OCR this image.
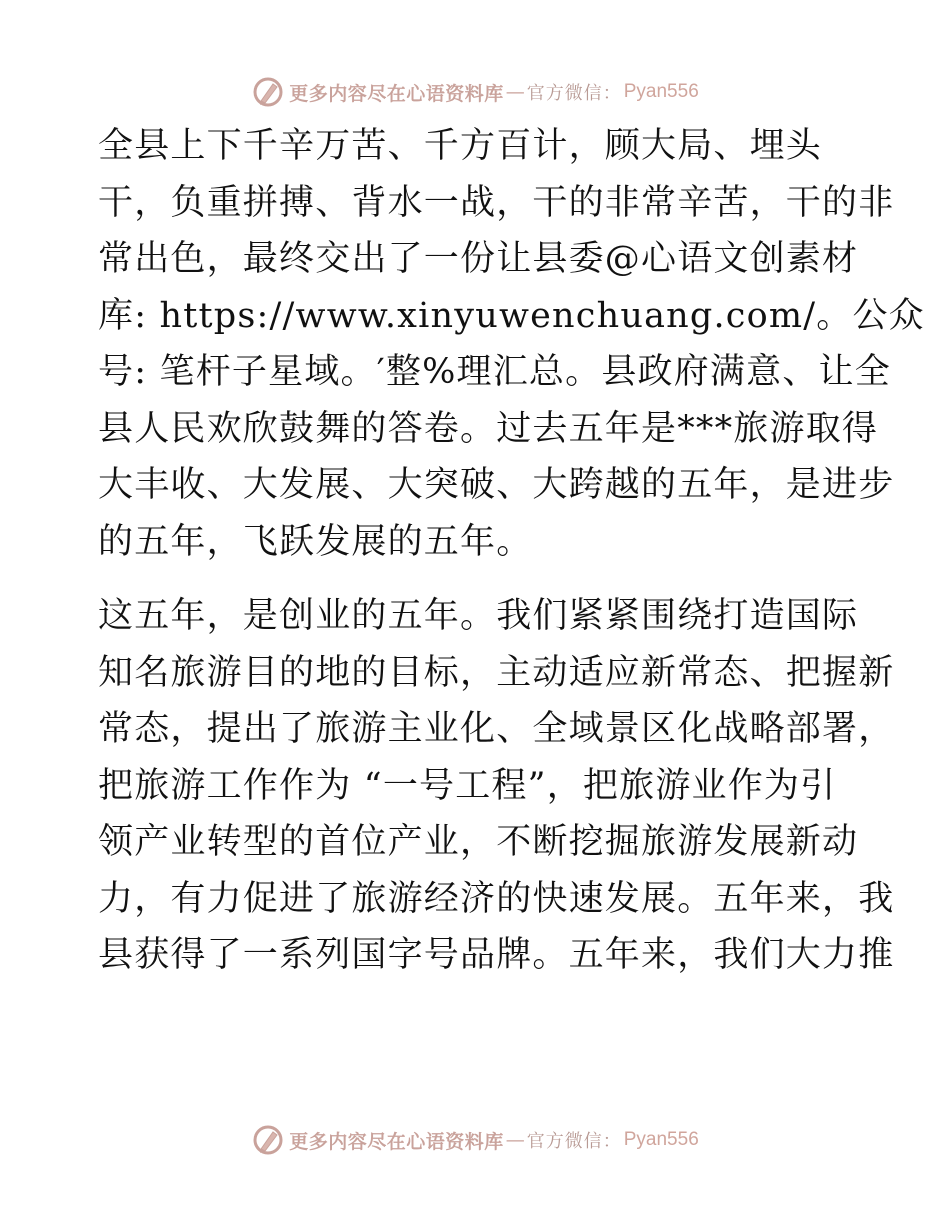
更多内容尽在心语资料库 — 官方微信： Pyan556

全县上下千辛万苦、千方百计，顾大局、埋头
干，负重拼搏、背水一战，干的非常辛苦，干的非
常出色，最终交出了一份让县委@心语文创素材
库: https://www.xinyuwenchuang.com/。公众
号: 笔杆子星域。′整%理汇总。县政府满意、让全
县人民欢欣鼓舞的答卷。过去五年是***旅游取得
大丰收、大发展、大突破、大跨越的五年，是进步
的五年，飞跃发展的五年。

这五年，是创业的五年。我们紧紧围绕打造国际
知名旅游目的地的目标，主动适应新常态、把握新
常态，提出了旅游主业化、全域景区化战略部署，
把旅游工作作为 “一号工程”，把旅游业作为引
领产业转型的首位产业，不断挖掘旅游发展新动
力，有力促进了旅游经济的快速发展。五年来，我
县获得了一系列国字号品牌。五年来，我们大力推

更多内容尽在心语资料库 — 官方微信： Pyan556
